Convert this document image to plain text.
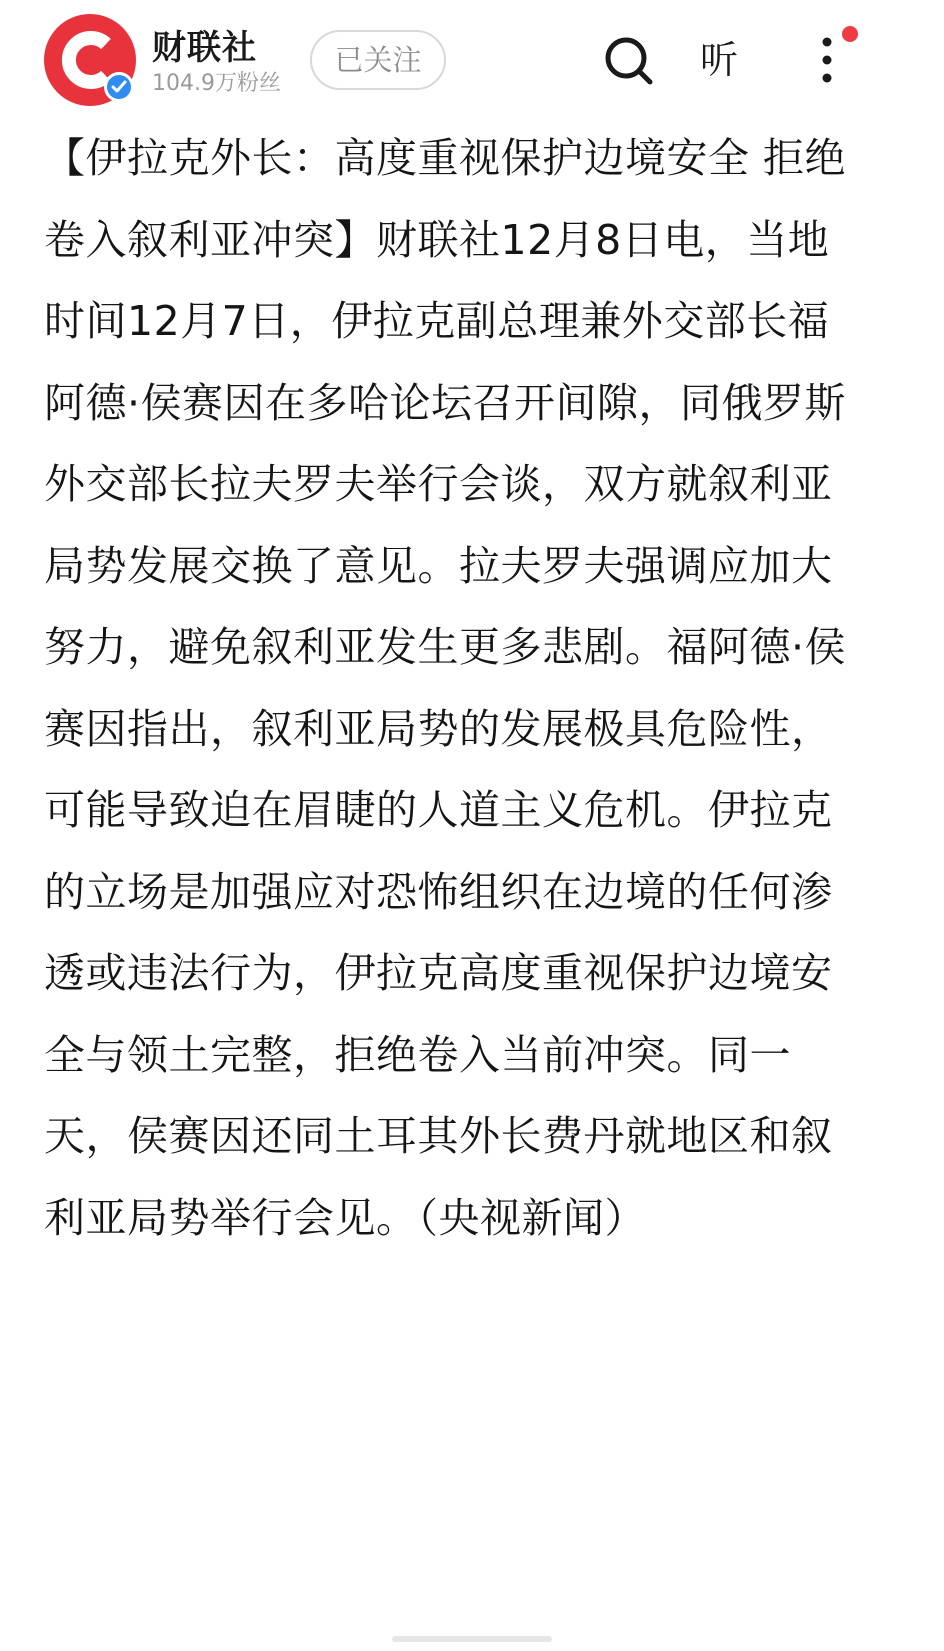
财联社
104.9万粉丝
已关注	听
【伊拉克外长：高度重视保护边境安全 拒绝卷入叙利亚冲突】财联社12月8日电，当地时间12月7日，伊拉克副总理兼外交部长福阿德·侯赛因在多哈论坛召开间隙，同俄罗斯外交部长拉夫罗夫举行会谈，双方就叙利亚局势发展交换了意见。拉夫罗夫强调应加大努力，避免叙利亚发生更多悲剧。福阿德·侯赛因指出，叙利亚局势的发展极具危险性，可能导致迫在眉睫的人道主义危机。伊拉克的立场是加强应对恐怖组织在边境的任何渗透或违法行为，伊拉克高度重视保护边境安全与领土完整，拒绝卷入当前冲突。同一天，侯赛因还同土耳其外长费丹就地区和叙利亚局势举行会见。（央视新闻）
